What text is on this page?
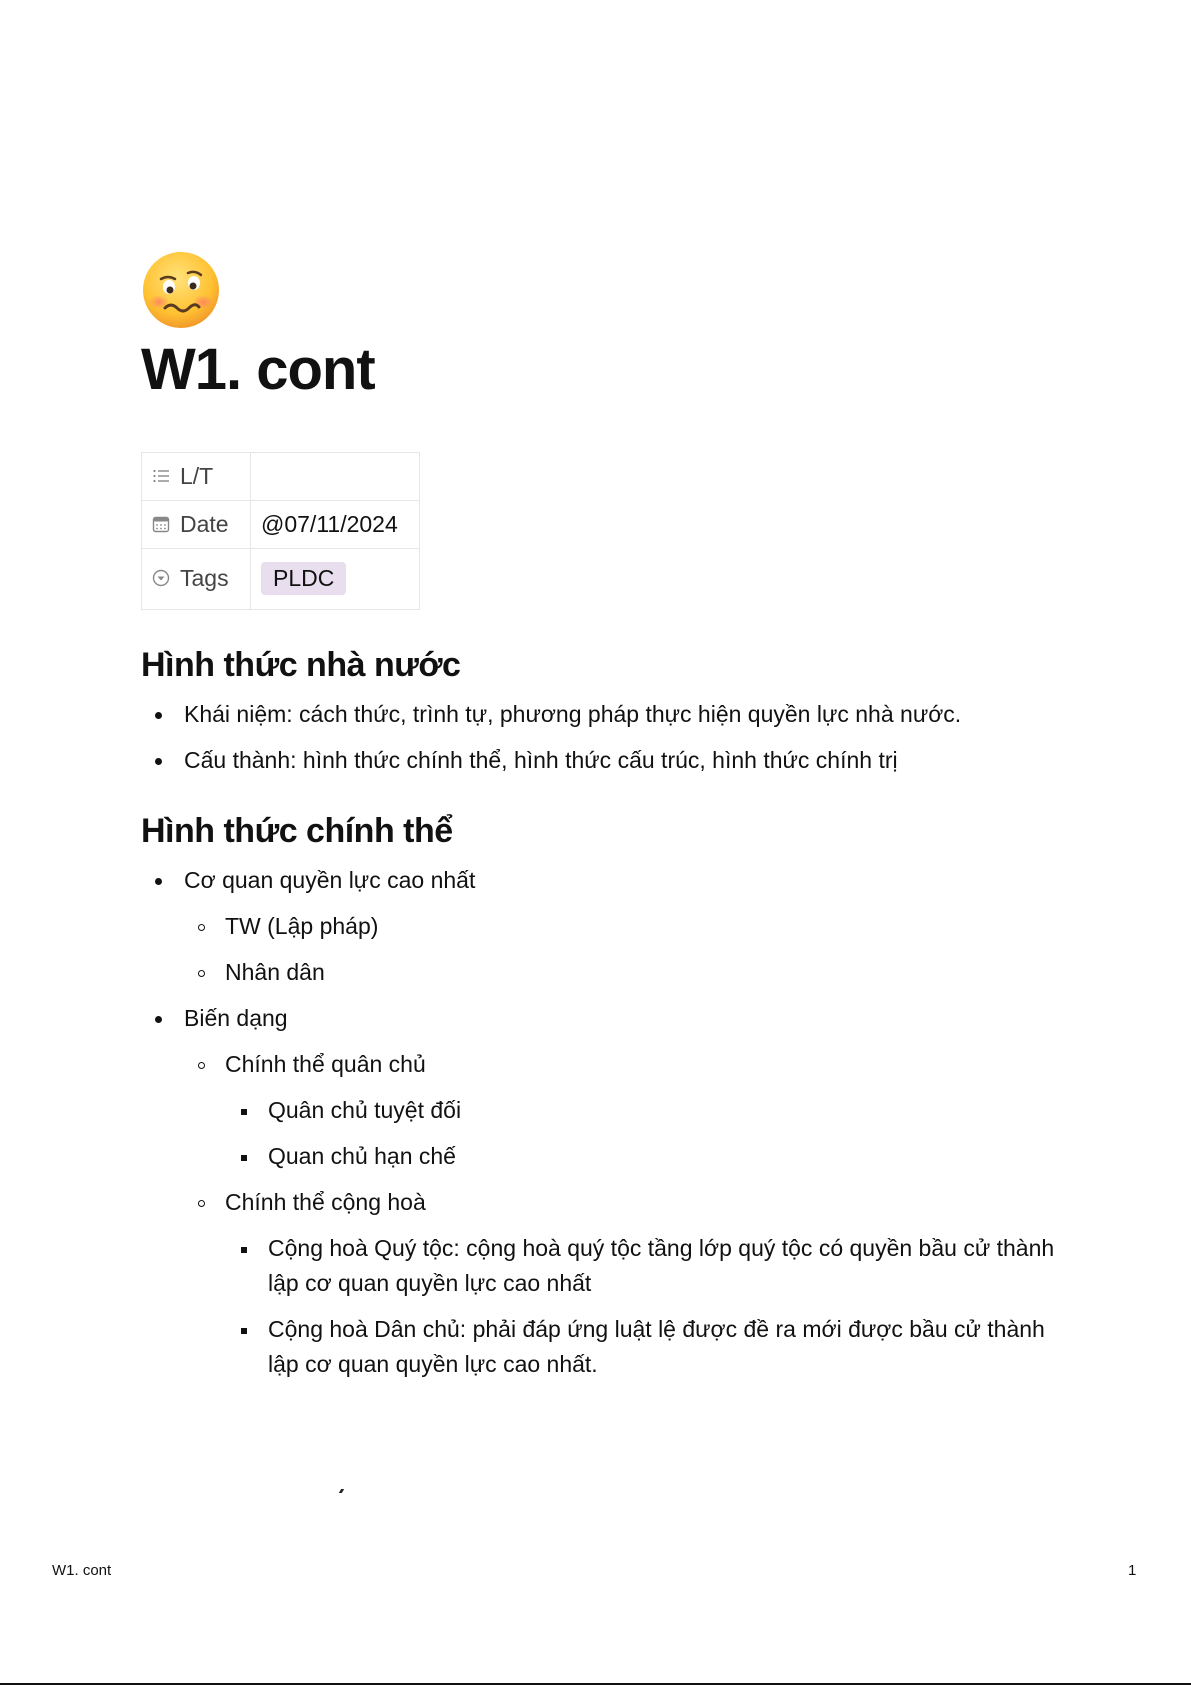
W1. cont
L/T	
Date	@07/11/2024
Tags	PLDC
Hình thức nhà nước
Khái niệm: cách thức, trình tự, phương pháp thực hiện quyền lực nhà nước.
Cấu thành: hình thức chính thể, hình thức cấu trúc, hình thức chính trị
Hình thức chính thể
Cơ quan quyền lực cao nhất
TW (Lập pháp)
Nhân dân
Biến dạng
Chính thể quân chủ
Quân chủ tuyệt đối
Quan chủ hạn chế
Chính thể cộng hoà
Cộng hoà Quý tộc: cộng hoà quý tộc tầng lớp quý tộc có quyền bầu cử thành lập cơ quan quyền lực cao nhất
Cộng hoà Dân chủ: phải đáp ứng luật lệ được đề ra mới được bầu cử thành lập cơ quan quyền lực cao nhất.
W1. cont	1
